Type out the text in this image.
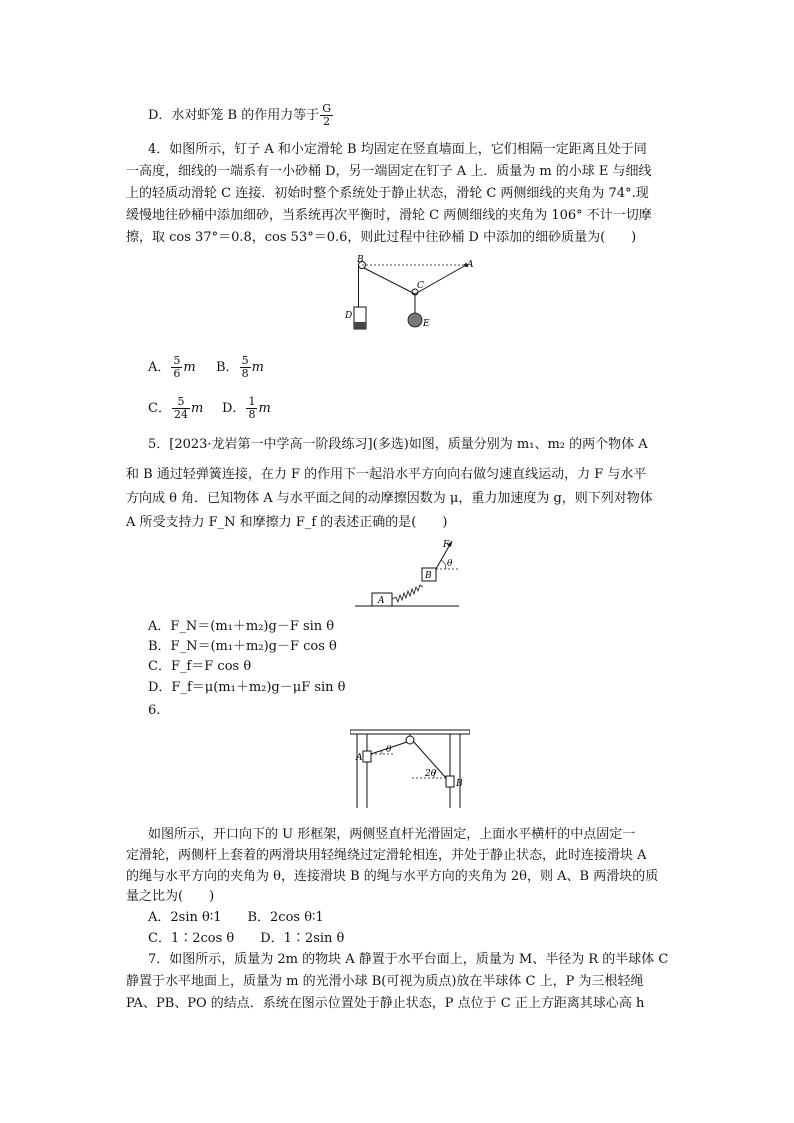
D．水对虾笼 B 的作用力等于 $\frac{G}{2}$
4．如图所示，钉子 A 和小定滑轮 B 均固定在竖直墙面上，它们相隔一定距离且处于同
一高度，细线的一端系有一小砂桶 D，另一端固定在钉子 A 上．质量为 m 的小球 E 与细线
上的轻质动滑轮 C 连接．初始时整个系统处于静止状态，滑轮 C 两侧细线的夹角为 74°.现
缓慢地往砂桶中添加细砂，当系统再次平衡时，滑轮 C 两侧细线的夹角为 106° 不计一切摩
擦，取 cos 37°＝0.8，cos 53°＝0.6，则此过程中往砂桶 D 中添加的细砂质量为(　　)
B	A
C
D
E
A． $\frac{5}{6}$ m B． $\frac{5}{8}$ m
C． $\frac{5}{24}$ m D． $\frac{1}{8}$ m
5．[2023·龙岩第一中学高一阶段练习](多选)如图，质量分别为 m₁、m₂ 的两个物体 A
和 B 通过轻弹簧连接，在力 F 的作用下一起沿水平方向向右做匀速直线运动，力 F 与水平
方向成 θ 角．已知物体 A 与水平面之间的动摩擦因数为 μ，重力加速度为 g，则下列对物体
A 所受支持力 F_N 和摩擦力 F_f 的表述正确的是(　　)
F
θ
A
B
A．F_N＝(m₁＋m₂)g－F sin θ
B．F_N＝(m₁＋m₂)g－F cos θ
C．F_f＝F cos θ
D．F_f＝μ(m₁＋m₂)g－μF sin θ
6.
θ
2θ
A
B
如图所示，开口向下的 U 形框架，两侧竖直杆光滑固定，上面水平横杆的中点固定一
定滑轮，两侧杆上套着的两滑块用轻绳绕过定滑轮相连，并处于静止状态，此时连接滑块 A
的绳与水平方向的夹角为 θ，连接滑块 B 的绳与水平方向的夹角为 2θ，则 A、B 两滑块的质
量之比为(　　)
A．2sin θ∶1　　B．2cos θ∶1
C．1∶2cos θ　　D．1∶2sin θ
7．如图所示，质量为 2m 的物块 A 静置于水平台面上，质量为 M、半径为 R 的半球体 C
静置于水平地面上，质量为 m 的光滑小球 B(可视为质点)放在半球体 C 上，P 为三根轻绳
PA、PB、PO 的结点．系统在图示位置处于静止状态，P 点位于 C 正上方距离其球心高 h
